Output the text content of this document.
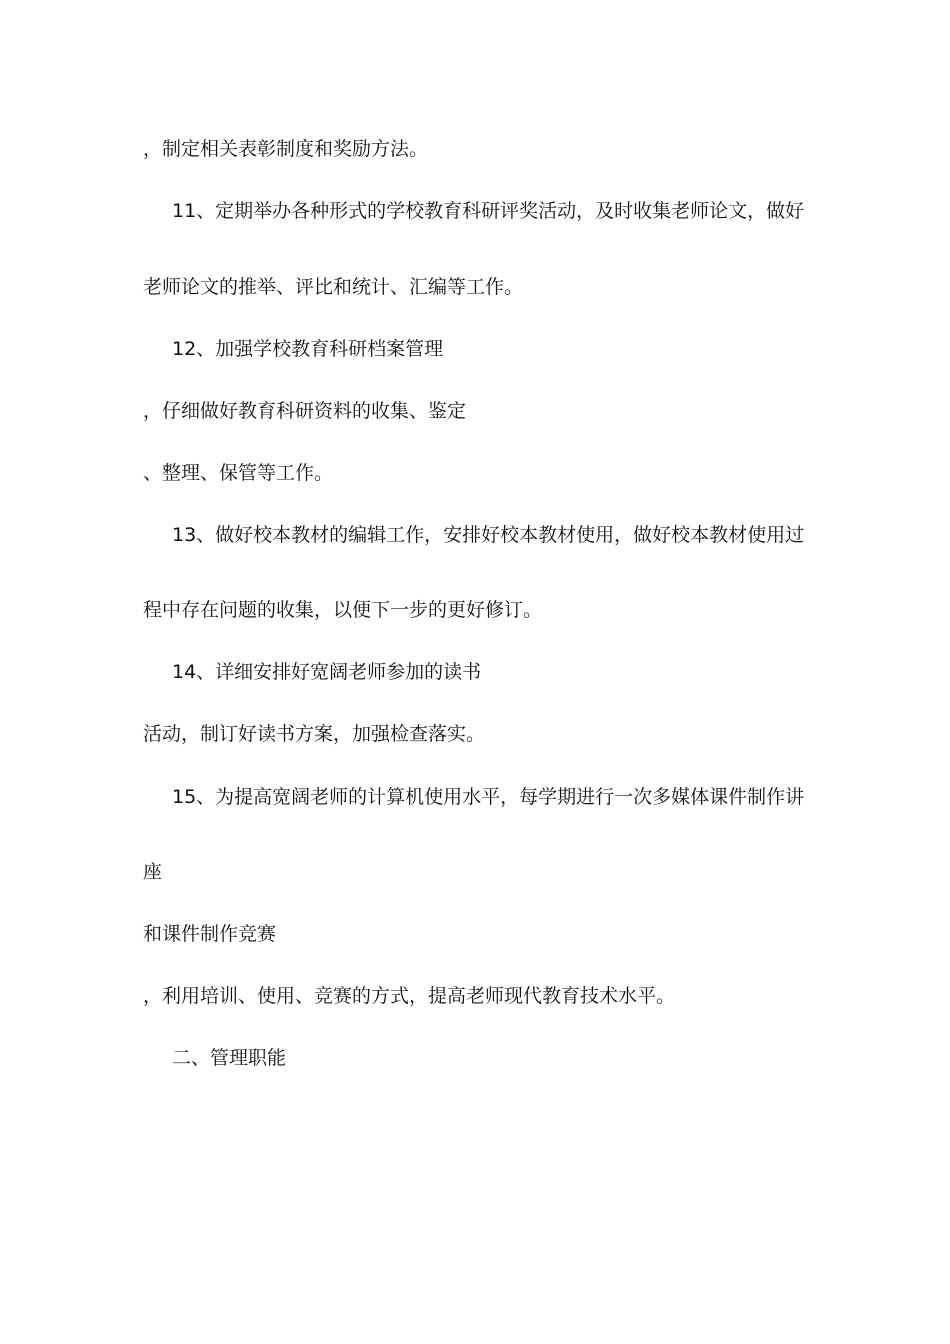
，制定相关表彰制度和奖励方法。
11、定期举办各种形式的学校教育科研评奖活动，及时收集老师论文，做好
老师论文的推举、评比和统计、汇编等工作。
12、加强学校教育科研档案管理
，仔细做好教育科研资料的收集、鉴定
、整理、保管等工作。
13、做好校本教材的编辑工作，安排好校本教材使用，做好校本教材使用过
程中存在问题的收集，以便下一步的更好修订。
14、详细安排好宽阔老师参加的读书
活动，制订好读书方案，加强检查落实。
15、为提高宽阔老师的计算机使用水平，每学期进行一次多媒体课件制作讲
座
和课件制作竞赛
，利用培训、使用、竞赛的方式，提高老师现代教育技术水平。
二、管理职能
